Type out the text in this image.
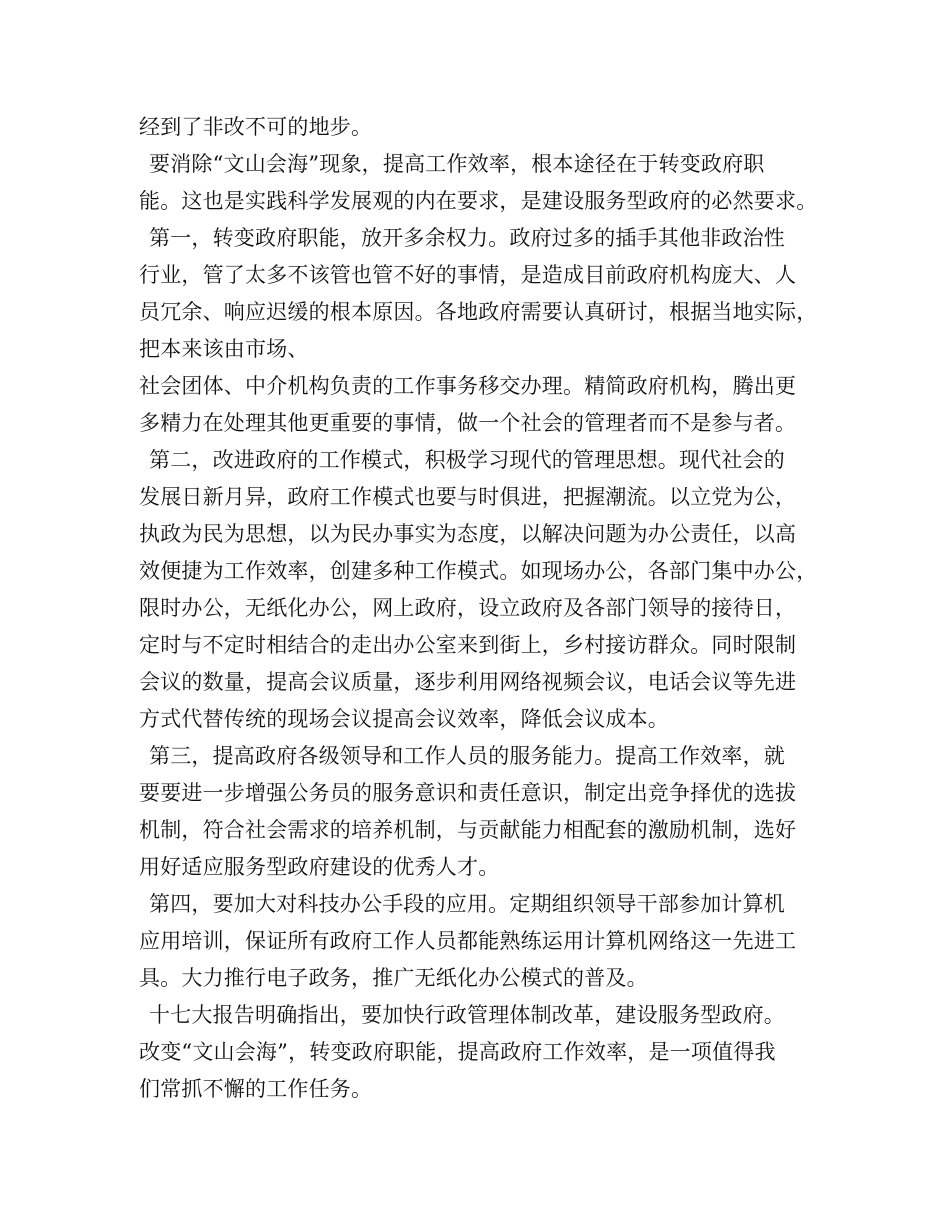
经到了非改不可的地步。
要消除“文山会海”现象，提高工作效率，根本途径在于转变政府职
能。这也是实践科学发展观的内在要求，是建设服务型政府的必然要求。
第一，转变政府职能，放开多余权力。政府过多的插手其他非政治性
行业，管了太多不该管也管不好的事情，是造成目前政府机构庞大、人
员冗余、响应迟缓的根本原因。各地政府需要认真研讨，根据当地实际，
把本来该由市场、
社会团体、中介机构负责的工作事务移交办理。精简政府机构，腾出更
多精力在处理其他更重要的事情，做一个社会的管理者而不是参与者。
第二，改进政府的工作模式，积极学习现代的管理思想。现代社会的
发展日新月异，政府工作模式也要与时俱进，把握潮流。以立党为公，
执政为民为思想，以为民办事实为态度，以解决问题为办公责任，以高
效便捷为工作效率，创建多种工作模式。如现场办公，各部门集中办公，
限时办公，无纸化办公，网上政府，设立政府及各部门领导的接待日，
定时与不定时相结合的走出办公室来到街上，乡村接访群众。同时限制
会议的数量，提高会议质量，逐步利用网络视频会议，电话会议等先进
方式代替传统的现场会议提高会议效率，降低会议成本。
第三，提高政府各级领导和工作人员的服务能力。提高工作效率，就
要要进一步增强公务员的服务意识和责任意识，制定出竞争择优的选拔
机制，符合社会需求的培养机制，与贡献能力相配套的激励机制，选好
用好适应服务型政府建设的优秀人才。
第四，要加大对科技办公手段的应用。定期组织领导干部参加计算机
应用培训，保证所有政府工作人员都能熟练运用计算机网络这一先进工
具。大力推行电子政务，推广无纸化办公模式的普及。
十七大报告明确指出，要加快行政管理体制改革，建设服务型政府。
改变“文山会海”，转变政府职能，提高政府工作效率，是一项值得我
们常抓不懈的工作任务。
